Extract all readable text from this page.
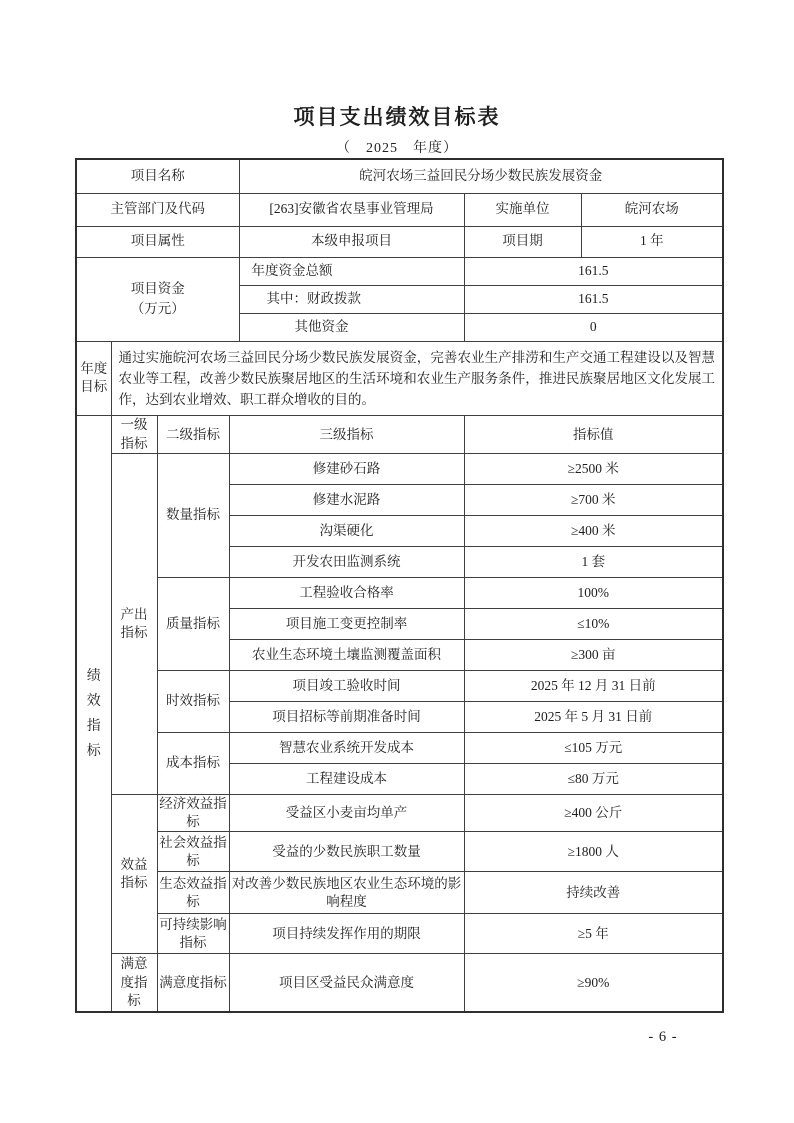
项目支出绩效目标表
（　2025　年度）
项目名称				皖河农场三益回民分场少数民族发展资金		
主管部门及代码				[263]安徽省农垦事业管理局	实施单位	皖河农场
项目属性				本级申报项目	项目期	1 年

项目资金
（万元）				年度资金总额	161.5	
				其中：财政拨款	161.5	
				其他资金	0	
年度目标	通过实施皖河农场三益回民分场少数民族发展资金，完善农业生产排涝和生产交通工程建设以及智慧农业等工程，改善少数民族聚居地区的生活环境和农业生产服务条件，推进民族聚居地区文化发展工作，达到农业增效、职工群众增收的目的。					

绩效指标	一级指标	二级指标	三级指标		指标值	
	产出指标	数量指标	修建砂石路		≥2500 米	
			修建水泥路		≥700 米	
			沟渠硬化		≥400 米	
			开发农田监测系统		1 套	
		质量指标	工程验收合格率		100%	
			项目施工变更控制率		≤10%	
			农业生态环境土壤监测覆盖面积		≥300 亩	
		时效指标	项目竣工验收时间		2025 年 12 月 31 日前	
			项目招标等前期准备时间		2025 年 5 月 31 日前	
		成本指标	智慧农业系统开发成本		≤105 万元	
			工程建设成本		≤80 万元	
	效益指标	经济效益指标	受益区小麦亩均单产		≥400 公斤	
		社会效益指标	受益的少数民族职工数量		≥1800 人	
		生态效益指标	对改善少数民族地区农业生态环境的影响程度		持续改善	
		可持续影响指标	项目持续发挥作用的期限		≥5 年	
	满意度指标	满意度指标	项目区受益民众满意度		≥90%	
- 6 -
